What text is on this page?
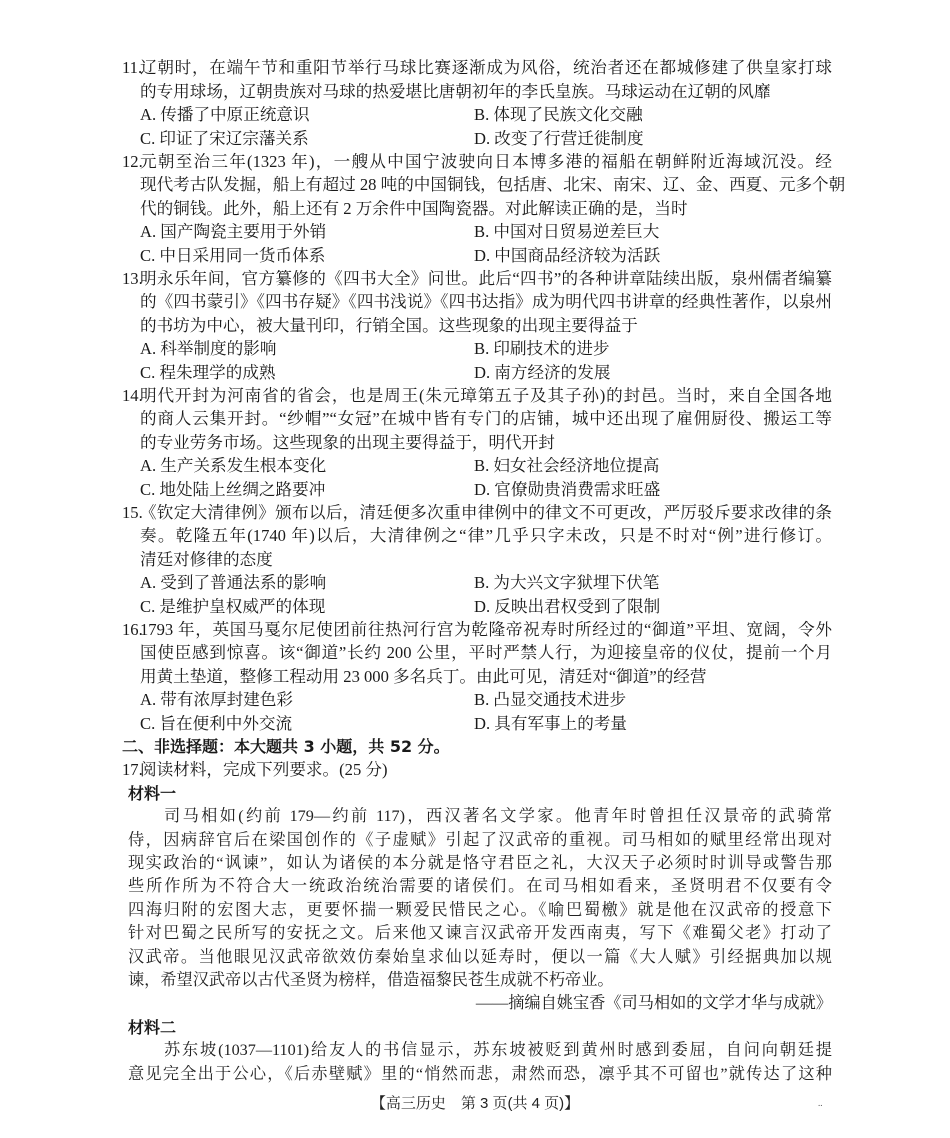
11.
辽朝时，在端午节和重阳节举行马球比赛逐渐成为风俗，统治者还在都城修建了供皇家打球
的专用球场，辽朝贵族对马球的热爱堪比唐朝初年的李氏皇族。马球运动在辽朝的风靡
A. 传播了中原正统意识	B. 体现了民族文化交融
C. 印证了宋辽宗藩关系	D. 改变了行营迁徙制度
12.
元朝至治三年(1323 年)，一艘从中国宁波驶向日本博多港的福船在朝鲜附近海域沉没。经
现代考古队发掘，船上有超过 28 吨的中国铜钱，包括唐、北宋、南宋、辽、金、西夏、元多个朝
代的铜钱。此外，船上还有 2 万余件中国陶瓷器。对此解读正确的是，当时
A. 国产陶瓷主要用于外销	B. 中国对日贸易逆差巨大
C. 中日采用同一货币体系	D. 中国商品经济较为活跃
13.
明永乐年间，官方纂修的《四书大全》问世。此后“四书”的各种讲章陆续出版，泉州儒者编纂
的《四书蒙引》《四书存疑》《四书浅说》《四书达指》成为明代四书讲章的经典性著作，以泉州
的书坊为中心，被大量刊印，行销全国。这些现象的出现主要得益于
A. 科举制度的影响	B. 印刷技术的进步
C. 程朱理学的成熟	D. 南方经济的发展
14.
明代开封为河南省的省会，也是周王(朱元璋第五子及其子孙)的封邑。当时，来自全国各地
的商人云集开封。“纱帽”“女冠”在城中皆有专门的店铺，城中还出现了雇佣厨役、搬运工等
的专业劳务市场。这些现象的出现主要得益于，明代开封
A. 生产关系发生根本变化	B. 妇女社会经济地位提高
C. 地处陆上丝绸之路要冲	D. 官僚勋贵消费需求旺盛
15.
《钦定大清律例》颁布以后，清廷便多次重申律例中的律文不可更改，严厉驳斥要求改律的条
奏。乾隆五年(1740 年)以后，大清律例之“律”几乎只字未改，只是不时对“例”进行修订。
清廷对修律的态度
A. 受到了普通法系的影响	B. 为大兴文字狱埋下伏笔
C. 是维护皇权威严的体现	D. 反映出君权受到了限制
16.
1793 年，英国马戛尔尼使团前往热河行宫为乾隆帝祝寿时所经过的“御道”平坦、宽阔，令外
国使臣感到惊喜。该“御道”长约 200 公里，平时严禁人行，为迎接皇帝的仪仗，提前一个月
用黄土垫道，整修工程动用 23 000 多名兵丁。由此可见，清廷对“御道”的经营
A. 带有浓厚封建色彩	B. 凸显交通技术进步
C. 旨在便利中外交流	D. 具有军事上的考量
二、非选择题：本大题共 3 小题，共 52 分。
17.
阅读材料，完成下列要求。(25 分)
材料一
司马相如(约前 179—约前 117)，西汉著名文学家。他青年时曾担任汉景帝的武骑常
侍，因病辞官后在梁国创作的《子虚赋》引起了汉武帝的重视。司马相如的赋里经常出现对
现实政治的“讽谏”，如认为诸侯的本分就是恪守君臣之礼，大汉天子必须时时训导或警告那
些所作所为不符合大一统政治统治需要的诸侯们。在司马相如看来，圣贤明君不仅要有令
四海归附的宏图大志，更要怀揣一颗爱民惜民之心。《喻巴蜀檄》就是他在汉武帝的授意下
针对巴蜀之民所写的安抚之文。后来他又谏言汉武帝开发西南夷，写下《难蜀父老》打动了
汉武帝。当他眼见汉武帝欲效仿秦始皇求仙以延寿时，便以一篇《大人赋》引经据典加以规
谏，希望汉武帝以古代圣贤为榜样，借造福黎民苍生成就不朽帝业。
——摘编自姚宝香《司马相如的文学才华与成就》
材料二
苏东坡(1037—1101)给友人的书信显示，苏东坡被贬到黄州时感到委屈，自问向朝廷提
意见完全出于公心，《后赤壁赋》里的“悄然而悲，肃然而恐，凛乎其不可留也”就传达了这种
【高三历史　第 3 页(共 4 页)】	..
